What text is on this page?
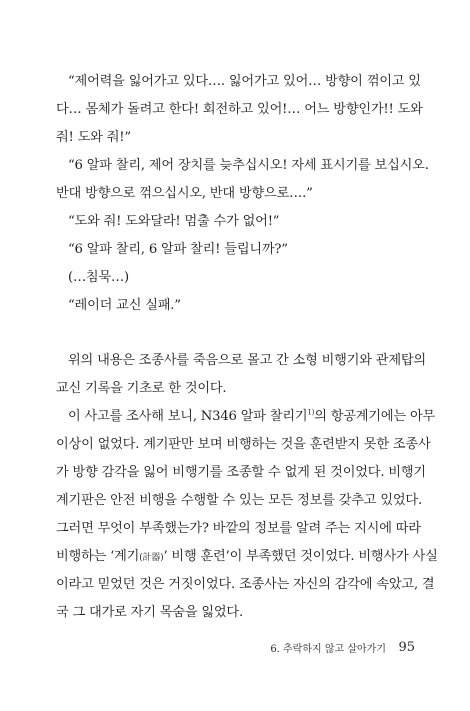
“제어력을 잃어가고 있다…. 잃어가고 있어… 방향이 꺾이고 있
다… 몸체가 돌려고 한다! 회전하고 있어!… 어느 방향인가!! 도와
줘! 도와 줘!”
“6 알파 찰리, 제어 장치를 늦추십시오! 자세 표시기를 보십시오.
반대 방향으로 꺾으십시오, 반대 방향으로….”
“도와 줘! 도와달라! 멈출 수가 없어!”
“6 알파 찰리, 6 알파 찰리! 들립니까?”
(…침묵…)
“레이더 교신 실패.”
위의 내용은 조종사를 죽음으로 몰고 간 소형 비행기와 관제탑의
교신 기록을 기초로 한 것이다.
이 사고를 조사해 보니, N346 알파 찰리기$^{1)}$의 항공계기에는 아무
이상이 없었다. 계기판만 보며 비행하는 것을 훈련받지 못한 조종사
가 방향 감각을 잃어 비행기를 조종할 수 없게 된 것이었다. 비행기
계기판은 안전 비행을 수행할 수 있는 모든 정보를 갖추고 있었다.
그러면 무엇이 부족했는가? 바깥의 정보를 알려 주는 지시에 따라
비행하는 ‘계기(計器)’ 비행 훈련’이 부족했던 것이었다. 비행사가 사실
이라고 믿었던 것은 거짓이었다. 조종사는 자신의 감각에 속았고, 결
국 그 대가로 자기 목숨을 잃었다.
6. 추락하지 않고 살아가기 95
